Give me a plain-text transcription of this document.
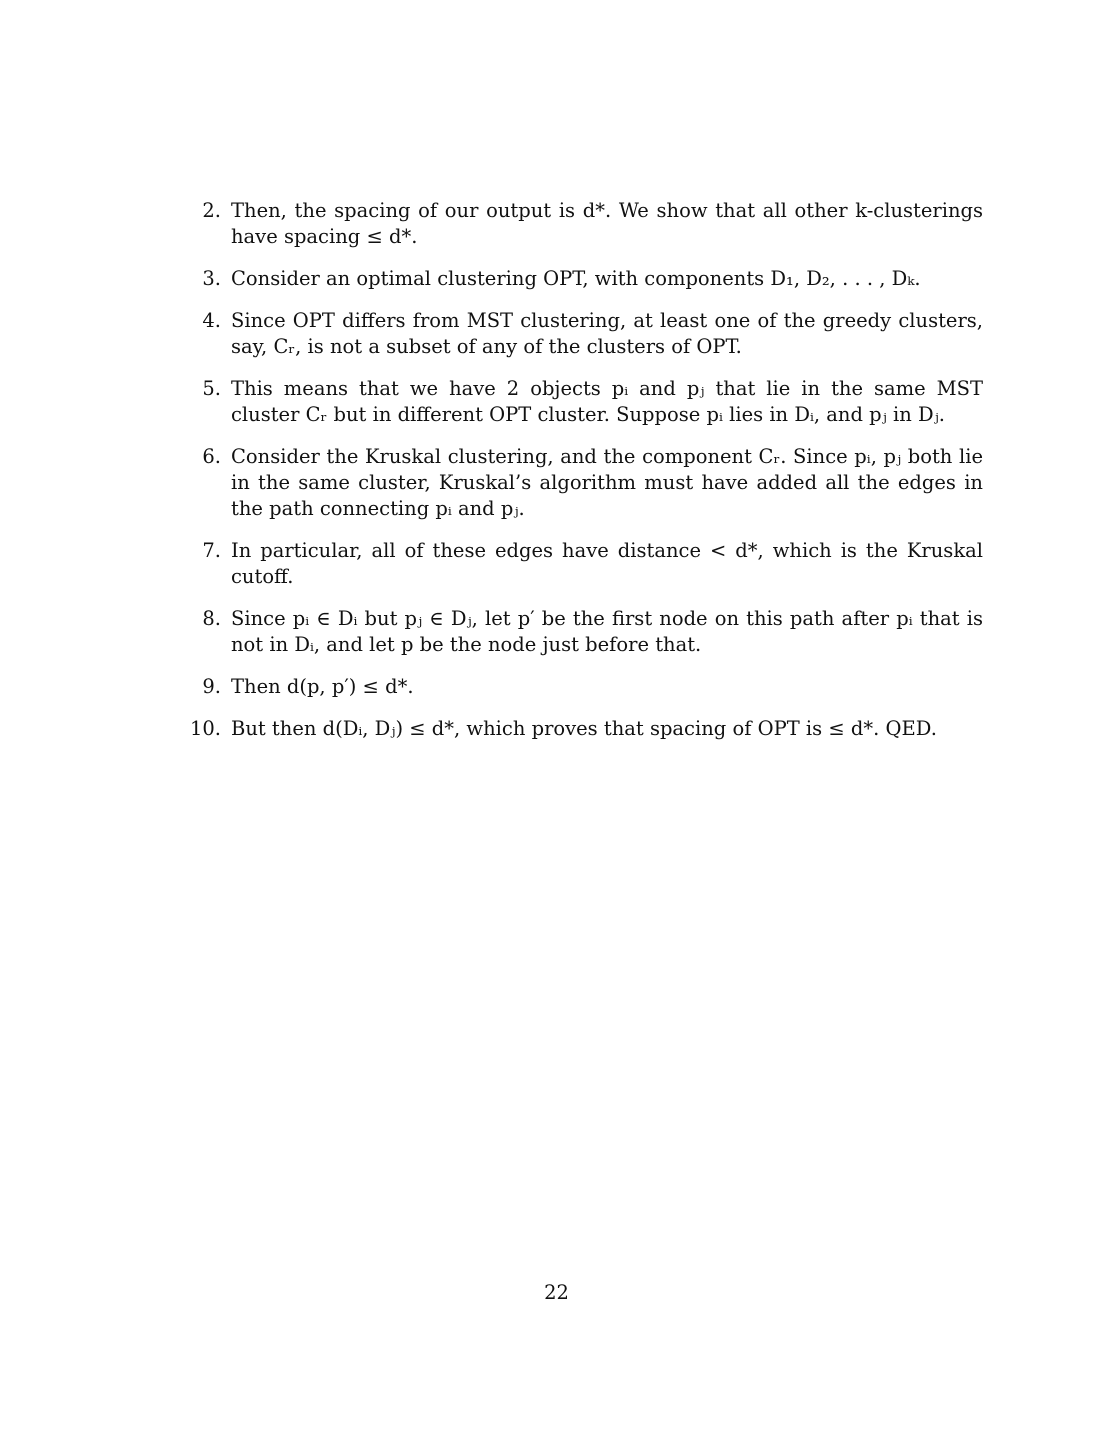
2. Then, the spacing of our output is d*. We show that all other k-clusterings have spacing ≤ d*.
3. Consider an optimal clustering OPT, with components D₁, D₂, . . . , Dₖ.
4. Since OPT differs from MST clustering, at least one of the greedy clusters, say, Cᵣ, is not a subset of any of the clusters of OPT.
5. This means that we have 2 objects pᵢ and pⱼ that lie in the same MST cluster Cᵣ but in different OPT cluster. Suppose pᵢ lies in Dᵢ, and pⱼ in Dⱼ.
6. Consider the Kruskal clustering, and the component Cᵣ. Since pᵢ, pⱼ both lie in the same cluster, Kruskal’s algorithm must have added all the edges in the path connecting pᵢ and pⱼ.
7. In particular, all of these edges have distance < d*, which is the Kruskal cutoff.
8. Since pᵢ ∈ Dᵢ but pⱼ ∈ Dⱼ, let p′ be the first node on this path after pᵢ that is not in Dᵢ, and let p be the node just before that.
9. Then d(p, p′) ≤ d*.
10. But then d(Dᵢ, Dⱼ) ≤ d*, which proves that spacing of OPT is ≤ d*. QED.
22
